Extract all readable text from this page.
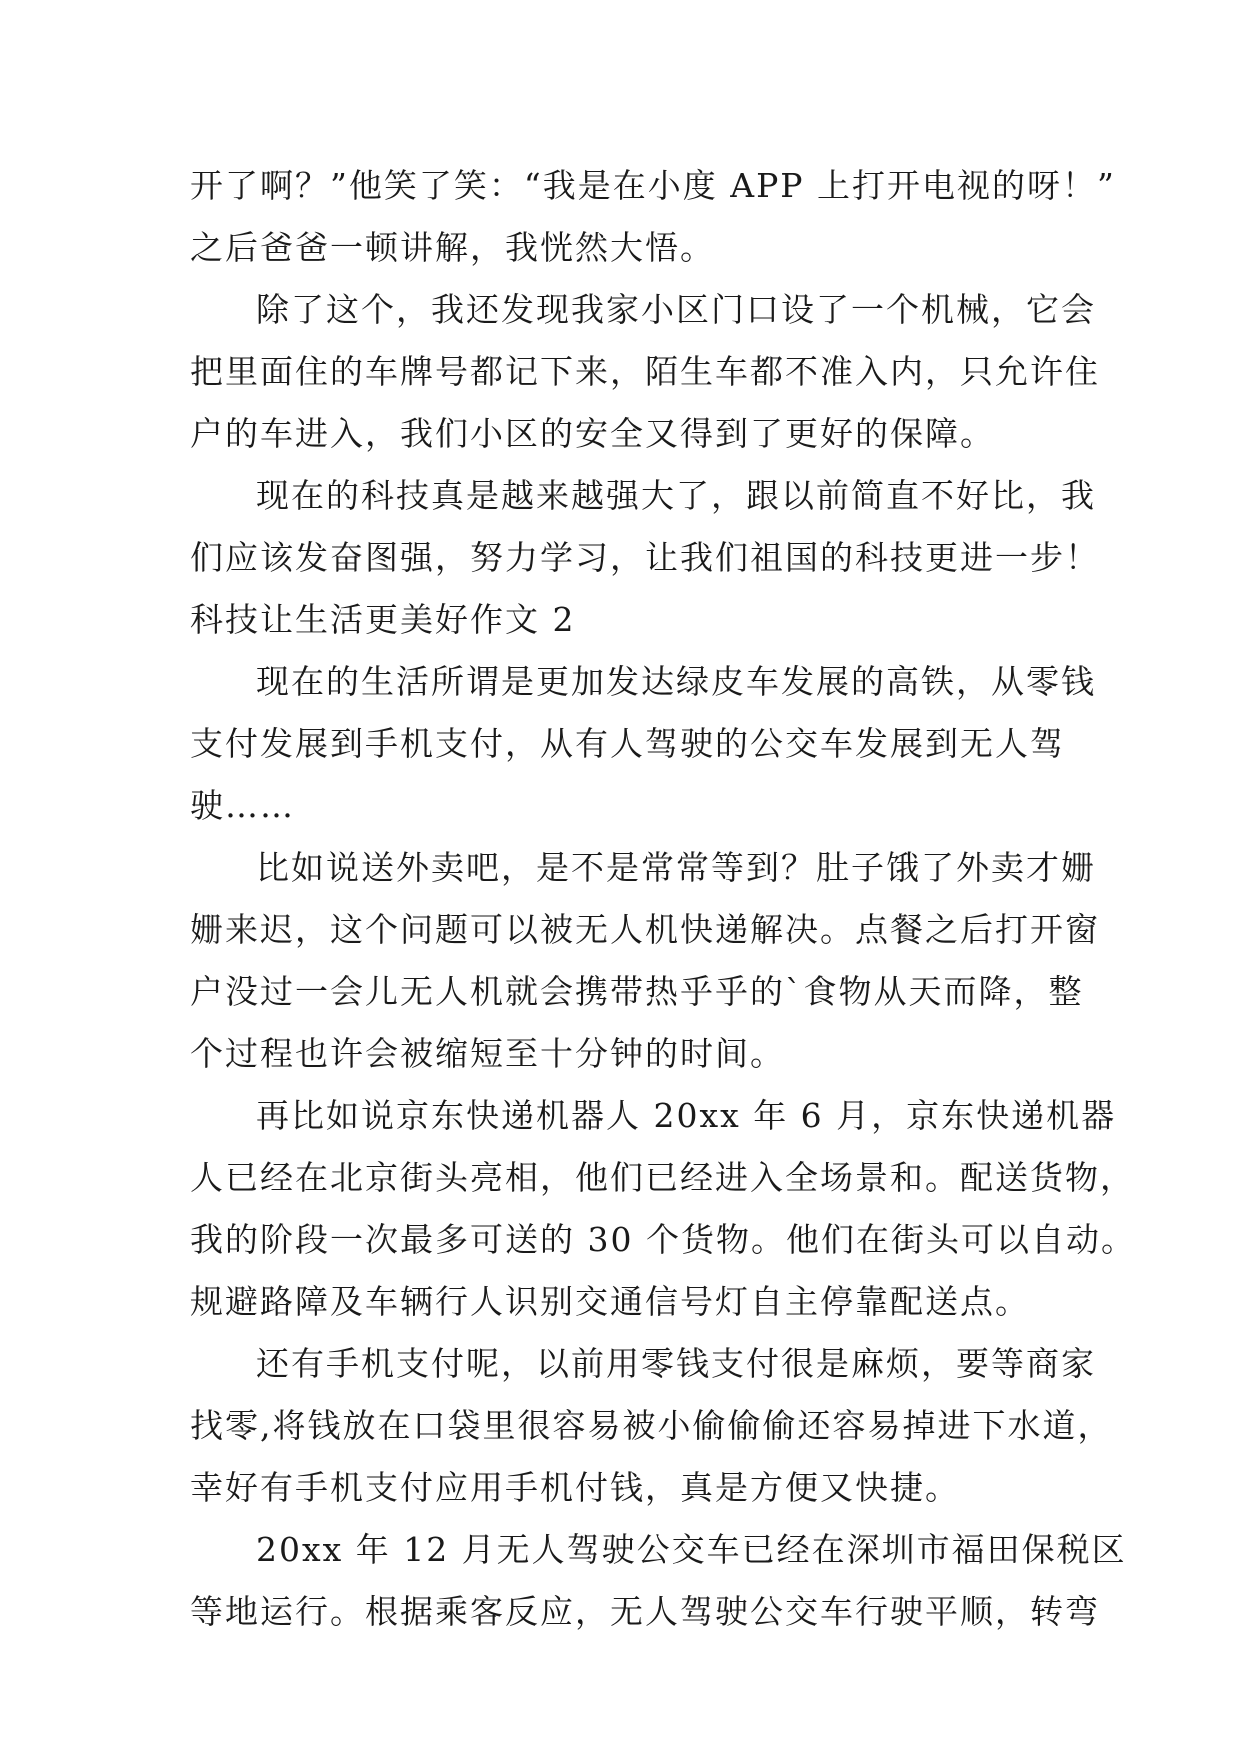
开了啊？”他笑了笑：“我是在小度 APP 上打开电视的呀！”
之后爸爸一顿讲解，我恍然大悟。
除了这个，我还发现我家小区门口设了一个机械，它会
把里面住的车牌号都记下来，陌生车都不准入内，只允许住
户的车进入，我们小区的安全又得到了更好的保障。
现在的科技真是越来越强大了，跟以前简直不好比，我
们应该发奋图强，努力学习，让我们祖国的科技更进一步！
科技让生活更美好作文 2
现在的生活所谓是更加发达绿皮车发展的高铁，从零钱
支付发展到手机支付，从有人驾驶的公交车发展到无人驾
驶……
比如说送外卖吧，是不是常常等到？肚子饿了外卖才姗
姗来迟，这个问题可以被无人机快递解决。点餐之后打开窗
户没过一会儿无人机就会携带热乎乎的`食物从天而降，整
个过程也许会被缩短至十分钟的时间。
再比如说京东快递机器人 20xx 年 6 月，京东快递机器
人已经在北京街头亮相，他们已经进入全场景和。配送货物，
我的阶段一次最多可送的 30 个货物。他们在街头可以自动。
规避路障及车辆行人识别交通信号灯自主停靠配送点。
还有手机支付呢，以前用零钱支付很是麻烦，要等商家
找零,将钱放在口袋里很容易被小偷偷偷还容易掉进下水道，
幸好有手机支付应用手机付钱，真是方便又快捷。
20xx 年 12 月无人驾驶公交车已经在深圳市福田保税区
等地运行。根据乘客反应，无人驾驶公交车行驶平顺，转弯
